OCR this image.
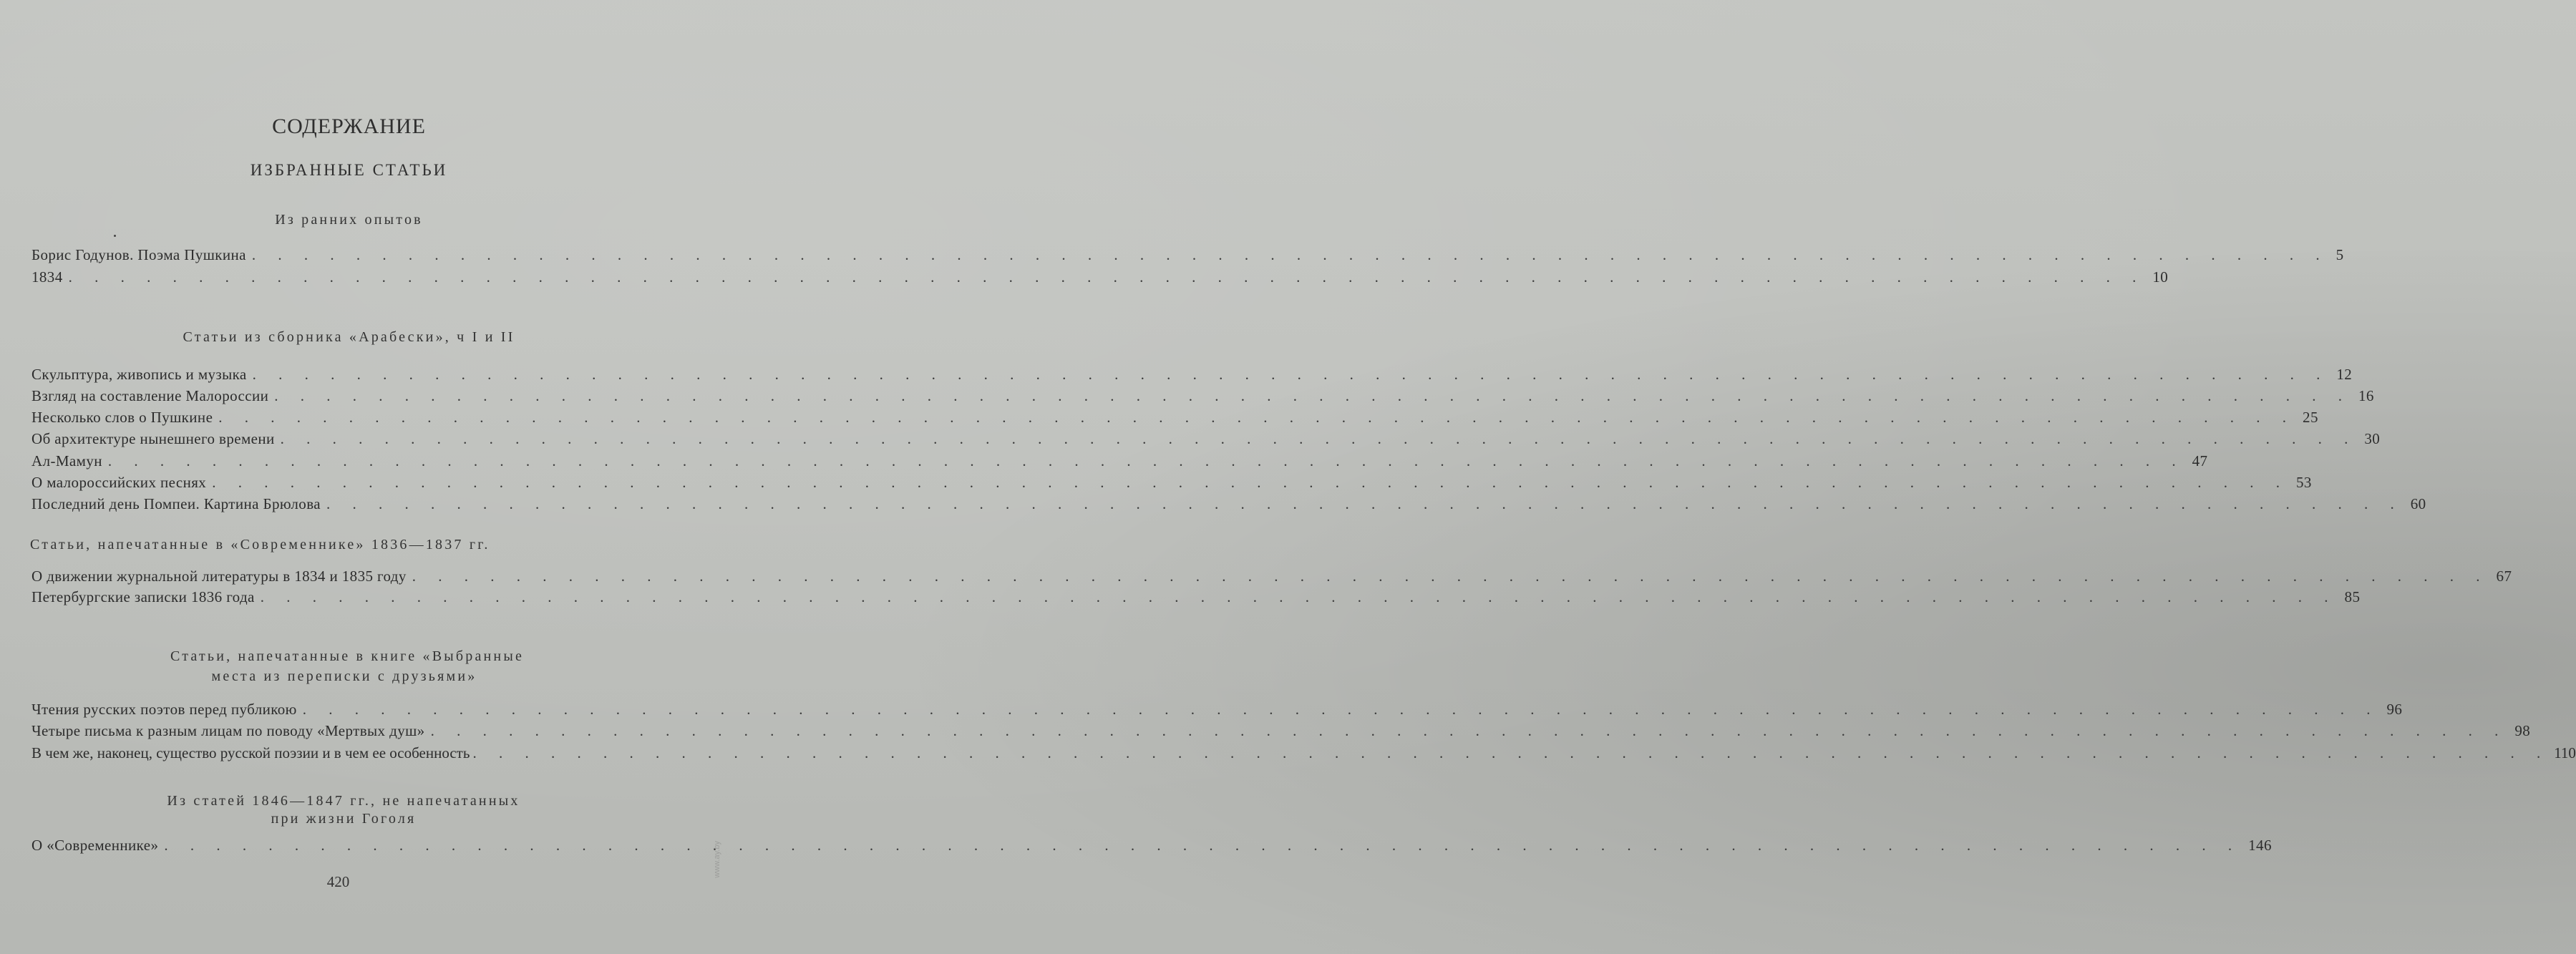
СОДЕРЖАНИЕ
ИЗБРАННЫЕ СТАТЬИ
Из ранних опытов
Борис Годунов. Поэма Пушкина . . .	5
1834 . . .	10
Статьи из сборника «Арабески», ч I и II
Скульптура, живопись и музыка . . .	12
Взгляд на составление Малороссии . . .	16
Несколько слов о Пушкине . . .	25
Об архитектуре нынешнего времени . . .	30
Ал-Мамун . . .	47
О малороссийских песнях . . .	53
Последний день Помпеи. Картина Брюлова . . .	60
Статьи, напечатанные в «Современнике» 1836—1837 гг.
О движении журнальной литературы в 1834 и 1835 году . . .	67
Петербургские записки 1836 года . . .	85
Статьи, напечатанные в книге «Выбранные
места из переписки с друзьями»
Чтения русских поэтов перед публикою . . .	96
Четыре письма к разным лицам по поводу «Мертвых душ» . . .	98
В чем же, наконец, существо русской поэзии и в чем ее особенность . . .	110
Из статей 1846—1847 гг., не напечатанных
при жизни Гоголя
О «Современнике» . . .	146
420
www.ay.by
